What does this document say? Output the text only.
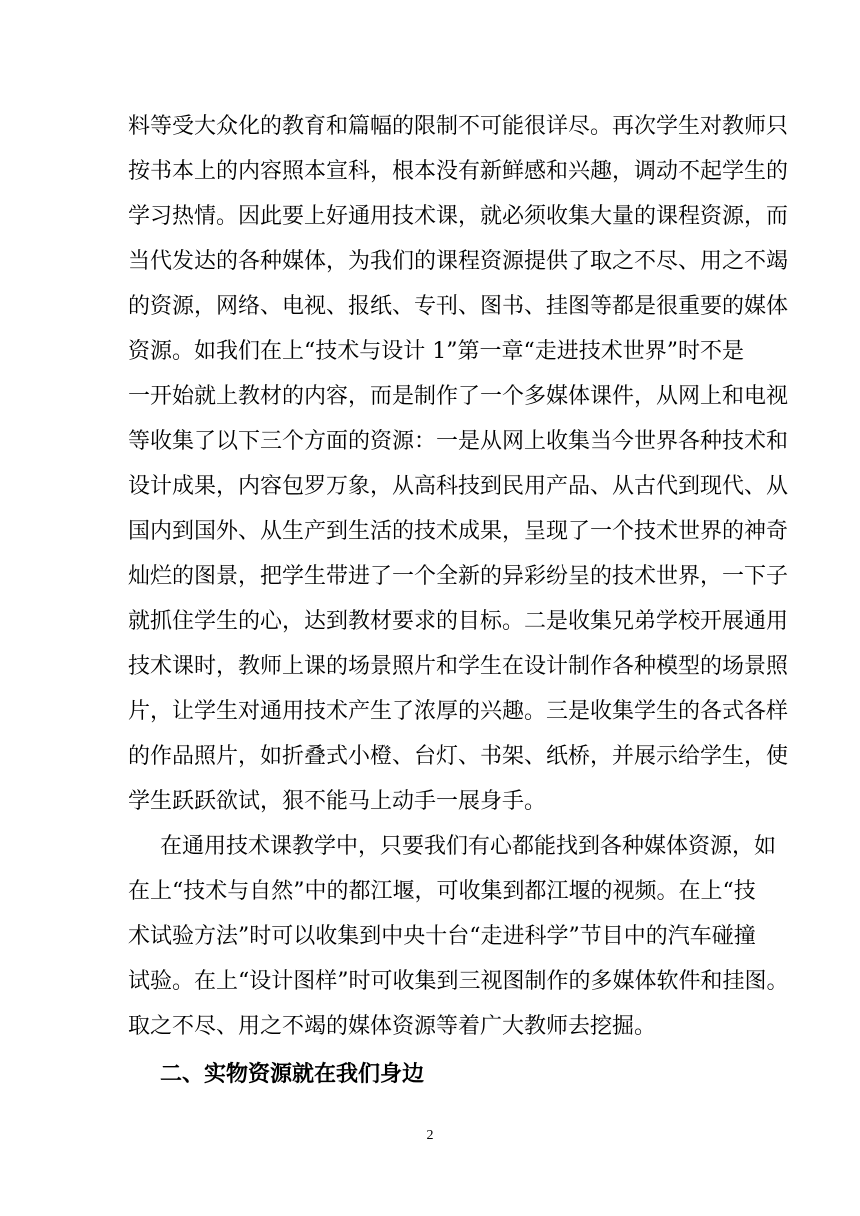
料等受大众化的教育和篇幅的限制不可能很详尽。再次学生对教师只
按书本上的内容照本宣科，根本没有新鲜感和兴趣，调动不起学生的
学习热情。因此要上好通用技术课，就必须收集大量的课程资源，而
当代发达的各种媒体，为我们的课程资源提供了取之不尽、用之不竭
的资源，网络、电视、报纸、专刊、图书、挂图等都是很重要的媒体
资源。如我们在上“技术与设计 1”第一章“走进技术世界”时不是
一开始就上教材的内容，而是制作了一个多媒体课件，从网上和电视
等收集了以下三个方面的资源：一是从网上收集当今世界各种技术和
设计成果，内容包罗万象，从高科技到民用产品、从古代到现代、从
国内到国外、从生产到生活的技术成果，呈现了一个技术世界的神奇
灿烂的图景，把学生带进了一个全新的异彩纷呈的技术世界，一下子
就抓住学生的心，达到教材要求的目标。二是收集兄弟学校开展通用
技术课时，教师上课的场景照片和学生在设计制作各种模型的场景照
片，让学生对通用技术产生了浓厚的兴趣。三是收集学生的各式各样
的作品照片，如折叠式小橙、台灯、书架、纸桥，并展示给学生，使
学生跃跃欲试，狠不能马上动手一展身手。
在通用技术课教学中，只要我们有心都能找到各种媒体资源，如
在上“技术与自然”中的都江堰，可收集到都江堰的视频。在上“技
术试验方法”时可以收集到中央十台“走进科学”节目中的汽车碰撞
试验。在上“设计图样”时可收集到三视图制作的多媒体软件和挂图。
取之不尽、用之不竭的媒体资源等着广大教师去挖掘。
二、实物资源就在我们身边
2
